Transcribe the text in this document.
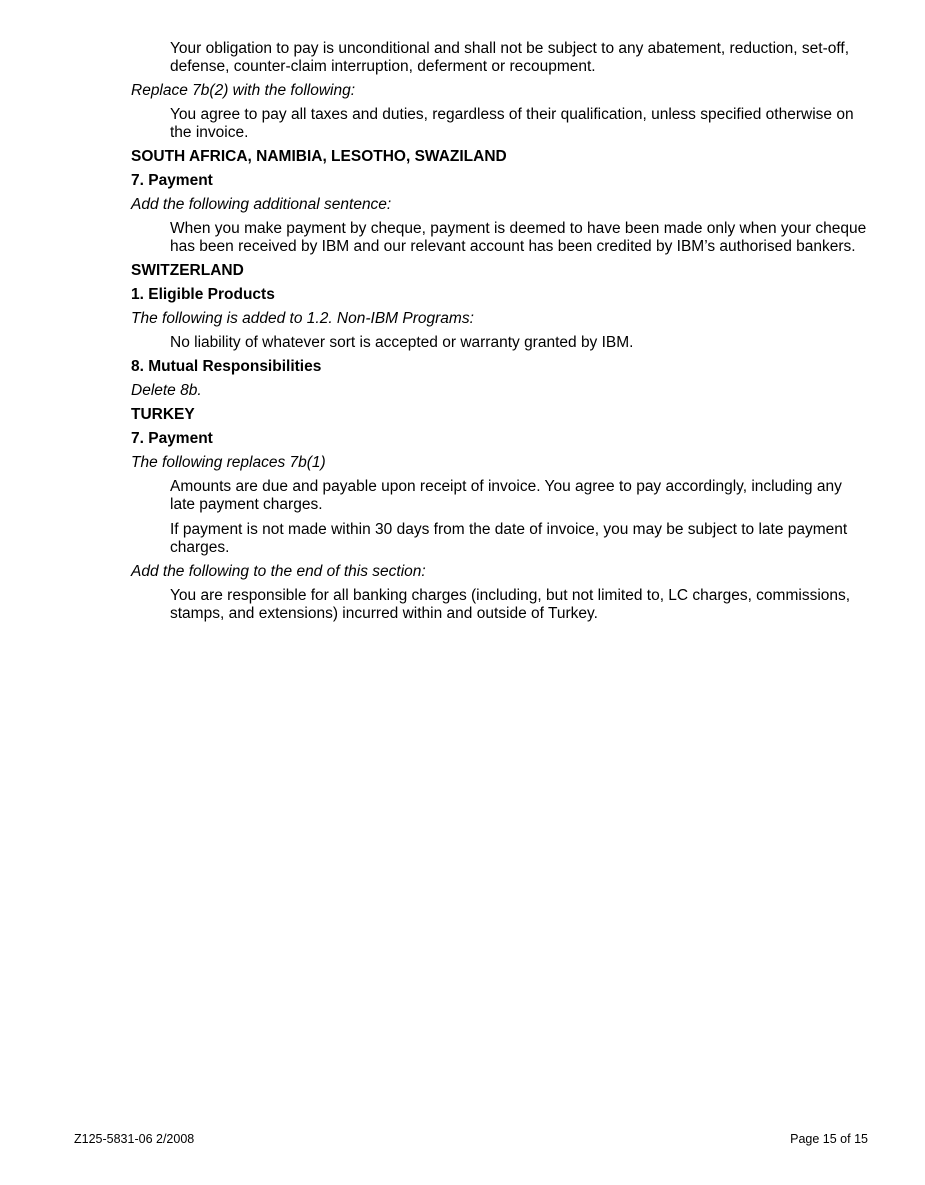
Your obligation to pay is unconditional and shall not be subject to any abatement, reduction, set-off, defense, counter-claim interruption, deferment or recoupment.
Replace 7b(2) with the following:
You agree to pay all taxes and duties, regardless of their qualification, unless specified otherwise on the invoice.
SOUTH AFRICA, NAMIBIA, LESOTHO, SWAZILAND
7. Payment
Add the following additional sentence:
When you make payment by cheque, payment is deemed to have been made only when your cheque has been received by IBM and our relevant account has been credited by IBM’s authorised bankers.
SWITZERLAND
1. Eligible Products
The following is added to 1.2. Non-IBM Programs:
No liability of whatever sort is accepted or warranty granted by IBM.
8. Mutual Responsibilities
Delete 8b.
TURKEY
7. Payment
The following replaces 7b(1)
Amounts are due and payable upon receipt of invoice. You agree to pay accordingly, including any late payment charges.
If payment is not made within 30 days from the date of invoice, you may be subject to late payment charges.
Add the following to the end of this section:
You are responsible for all banking charges (including, but not limited to, LC charges, commissions, stamps, and extensions) incurred within and outside of Turkey.
Z125-5831-06 2/2008	Page 15 of 15
